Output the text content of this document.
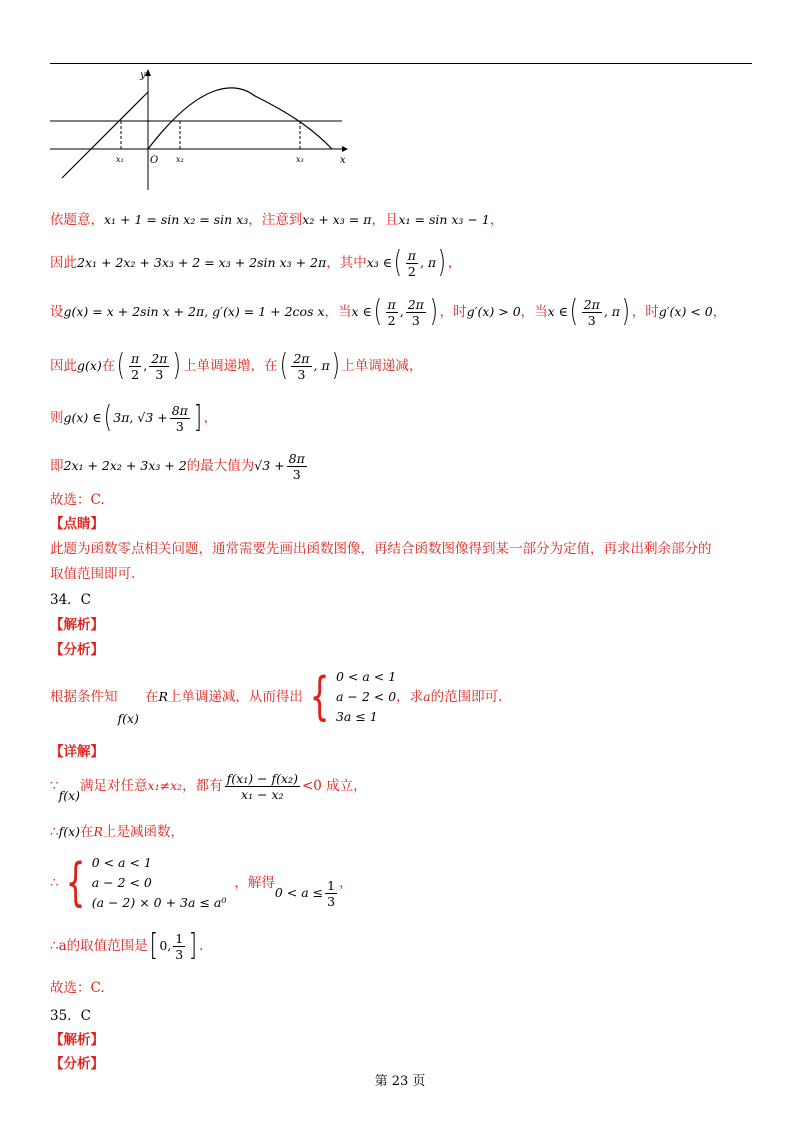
y
x
O
x₁	x₂	x₃
依题意，x₁ + 1 = sin x₂ = sin x₃，注意到x₂ + x₃ = π，且x₁ = sin x₃ − 1，
因此 2x₁ + 2x₂ + 3x₃ + 2 = x₃ + 2sin x₃ + 2π ，其中 x₃ ∈ ( $\frac{\pi}{2}$ , π ) ，
设 g(x) = x + 2sin x + 2π, g′(x) = 1 + 2cos x ，当 x ∈ ( $\frac{\pi}{2}$ , $\frac{2\pi}{3}$ ) ，时 g′(x) > 0 ，当 x ∈ ( $\frac{2\pi}{3}$ , π ) ，时 g′(x) < 0 ，
因此 g(x) 在 ( $\frac{\pi}{2}$ , $\frac{2\pi}{3}$ ) 上单调递增，在 ( $\frac{2\pi}{3}$ , π ) 上单调递减，
则 g(x) ∈ ( 3π, $√3 + \frac{8\pi}{3}$ ] ，
即 2x₁ + 2x₂ + 3x₃ + 2 的最大值为 $√3 + \frac{8\pi}{3}$
故选：C.
【点睛】
此题为函数零点相关问题，通常需要先画出函数图像，再结合函数图像得到某一部分为定值，再求出剩余部分的
取值范围即可.
34．C
【解析】
【分析】
根据条件知
f(x)
在 R 上单调递减，从而得出 { 0 < a < 1
a − 2 < 0
3a ≤ 1
，求 a 的范围即可.
【详解】
∵
f(x)
满足对任意 x₁≠x₂ ，都有 $\frac{\text{f(x₁) − f(x₂)}}{\text{x₁ − x₂}} <0$ 成立，
∴f(x)在R上是减函数，
∴ { 0 < a < 1
a − 2 < 0
(a − 2) × 0 + 3a ≤ a⁰
，解得
$0 < a \le \frac{1}{3}$ ，
∴a 的取值范围是 [ 0, $\frac{1}{3}$ ] .
故选：C.
35．C
【解析】
【分析】
第 23 页
